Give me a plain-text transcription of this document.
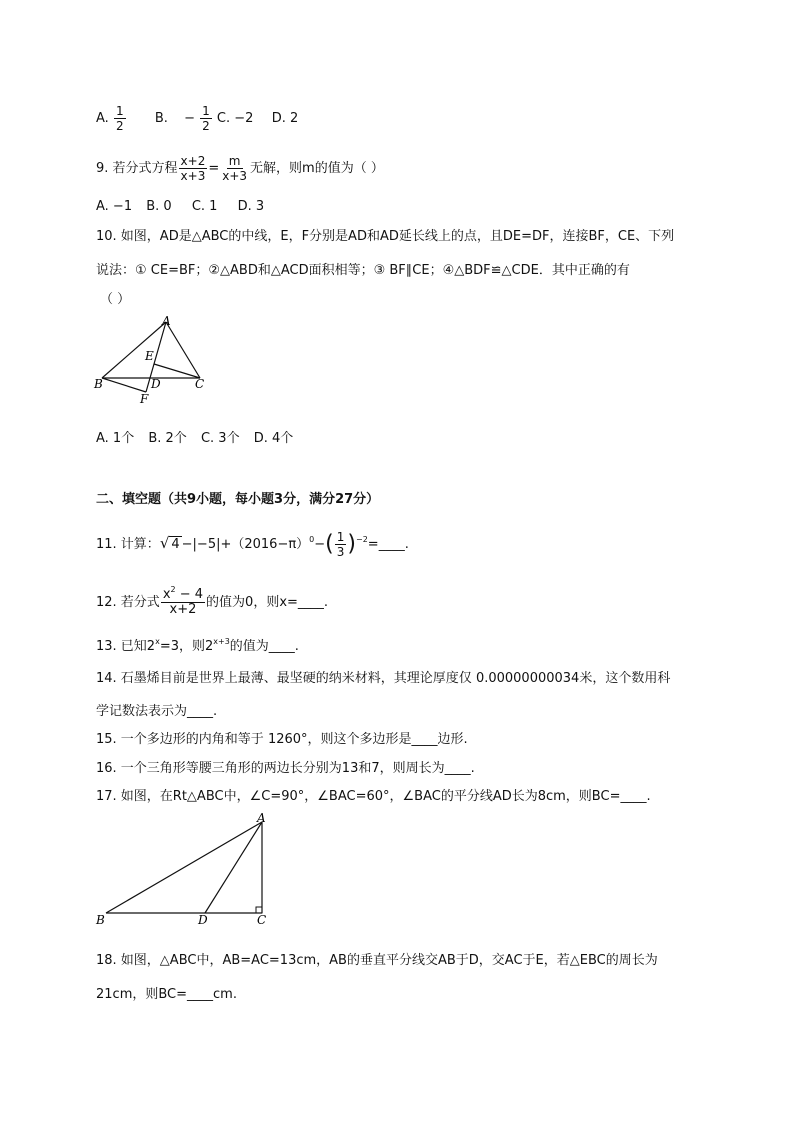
A. $\frac{1}{2} B$. − $\frac{1}{2} C$. −2 D. 2
9. 若分式方程 $\frac{x+2}{x+3} = \frac{m}{x+3}$ 无解，则m的值为（ ）
A. −1 B. 0 C. 1 D. 3
10. 如图，AD是△ABC的中线，E，F分别是AD和AD延长线上的点，且DE=DF，连接BF，CE、下列
说法：① CE=BF；②△ABD和△ACD面积相等；③ BF∥CE；④△BDF≌△CDE．其中正确的有
（ ）
A
E
B	D	C
F
A. 1个 B. 2个 C. 3个 D. 4个
二、填空题（共9小题，每小题3分，满分27分）
11. 计算：√ $4 -|-5|+(2016-\pi)^0-( \frac{1}{3}$ )$^{-2}=\_\_\_\_$.
12. 若分式 $\frac{x^2 - 4}{x+2}$ 的值为0，则x=____.
13. 已知$2^x=3$，则$2^{x+3}$的值为____.
14. 石墨烯目前是世界上最薄、最坚硬的纳米材料，其理论厚度仅 0.00000000034米，这个数用科
学记数法表示为____.
15. 一个多边形的内角和等于 1260°，则这个多边形是____边形.
16. 一个三角形等腰三角形的两边长分别为13和7，则周长为____.
17. 如图，在Rt△ABC中，∠C=90°，∠BAC=60°，∠BAC的平分线AD长为8cm，则BC=____.
A
B	D	C
18. 如图，△ABC中，AB=AC=13cm，AB的垂直平分线交AB于D，交AC于E，若△EBC的周长为
21cm，则BC=____cm.
